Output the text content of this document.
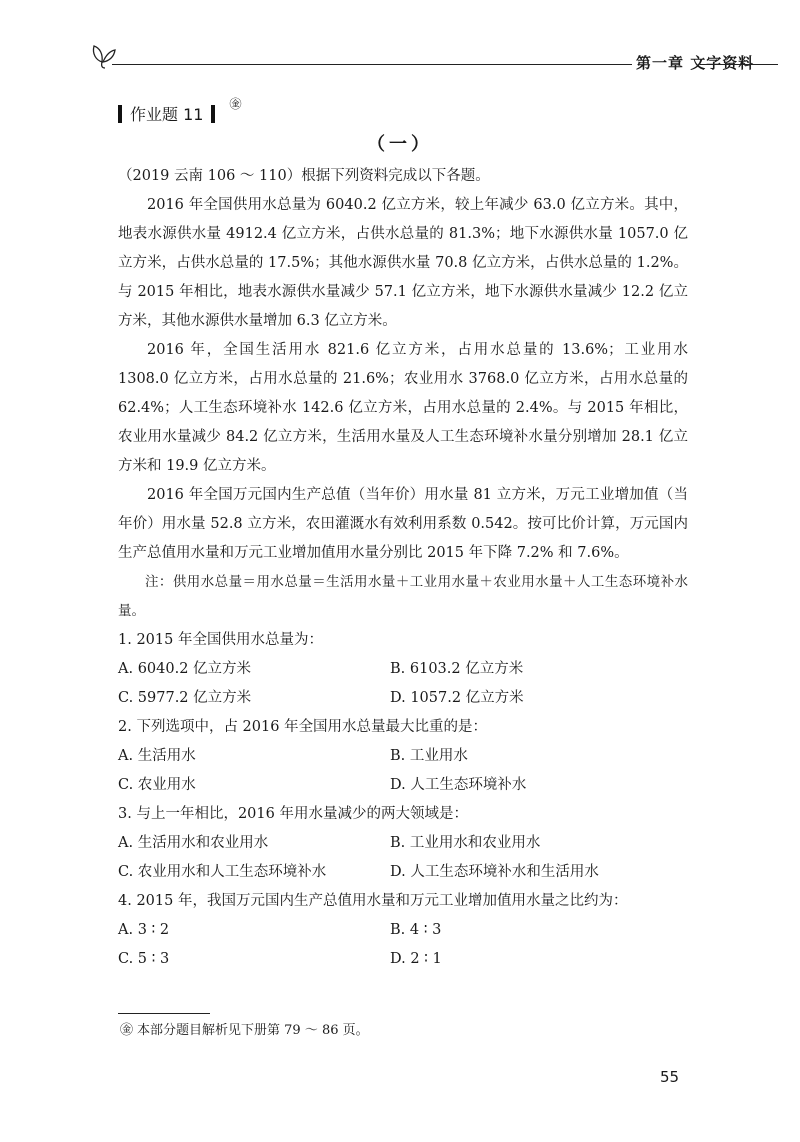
第一章 文字资料
作业题 11
㊎
（一）

（2019 云南 106 ～ 110）根据下列资料完成以下各题。

2016 年全国供用水总量为 6040.2 亿立方米，较上年减少 63.0 亿立方米。其中，地表水源供水量 4912.4 亿立方米，占供水总量的 81.3%；地下水源供水量 1057.0 亿立方米，占供水总量的 17.5%；其他水源供水量 70.8 亿立方米，占供水总量的 1.2%。与 2015 年相比，地表水源供水量减少 57.1 亿立方米，地下水源供水量减少 12.2 亿立方米，其他水源供水量增加 6.3 亿立方米。

2016 年，全国生活用水 821.6 亿立方米，占用水总量的 13.6%；工业用水 1308.0 亿立方米，占用水总量的 21.6%；农业用水 3768.0 亿立方米，占用水总量的 62.4%；人工生态环境补水 142.6 亿立方米，占用水总量的 2.4%。与 2015 年相比，农业用水量减少 84.2 亿立方米，生活用水量及人工生态环境补水量分别增加 28.1 亿立方米和 19.9 亿立方米。

2016 年全国万元国内生产总值（当年价）用水量 81 立方米，万元工业增加值（当年价）用水量 52.8 立方米，农田灌溉水有效利用系数 0.542。按可比价计算，万元国内生产总值用水量和万元工业增加值用水量分别比 2015 年下降 7.2% 和 7.6%。

注：供用水总量＝用水总量＝生活用水量＋工业用水量＋农业用水量＋人工生态环境补水量。

1. 2015 年全国供用水总量为：

A. 6040.2 亿立方米	B. 6103.2 亿立方米
C. 5977.2 亿立方米	D. 1057.2 亿立方米

2. 下列选项中，占 2016 年全国用水总量最大比重的是：

A. 生活用水	B. 工业用水
C. 农业用水	D. 人工生态环境补水

3. 与上一年相比，2016 年用水量减少的两大领域是：

A. 生活用水和农业用水	B. 工业用水和农业用水
C. 农业用水和人工生态环境补水	D. 人工生态环境补水和生活用水

4. 2015 年，我国万元国内生产总值用水量和万元工业增加值用水量之比约为：

A. 3 ∶ 2	B. 4 ∶ 3
C. 5 ∶ 3	D. 2 ∶ 1
㊎ 本部分题目解析见下册第 79 ～ 86 页。
55
